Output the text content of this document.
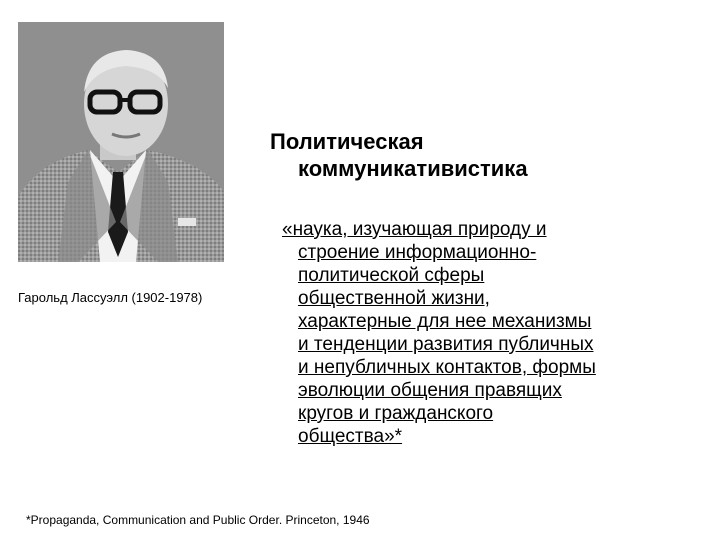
Гарольд Лассуэлл (1902-1978)
Политическая
коммуникативистика
«наука, изучающая природу и
строение информационно-
политической сферы
общественной жизни,
характерные для нее механизмы
и тенденции развития публичных
и непубличных контактов, формы
эволюции общения правящих
кругов и гражданского
общества»*
*Propaganda, Communication and Public Order. Princeton, 1946
